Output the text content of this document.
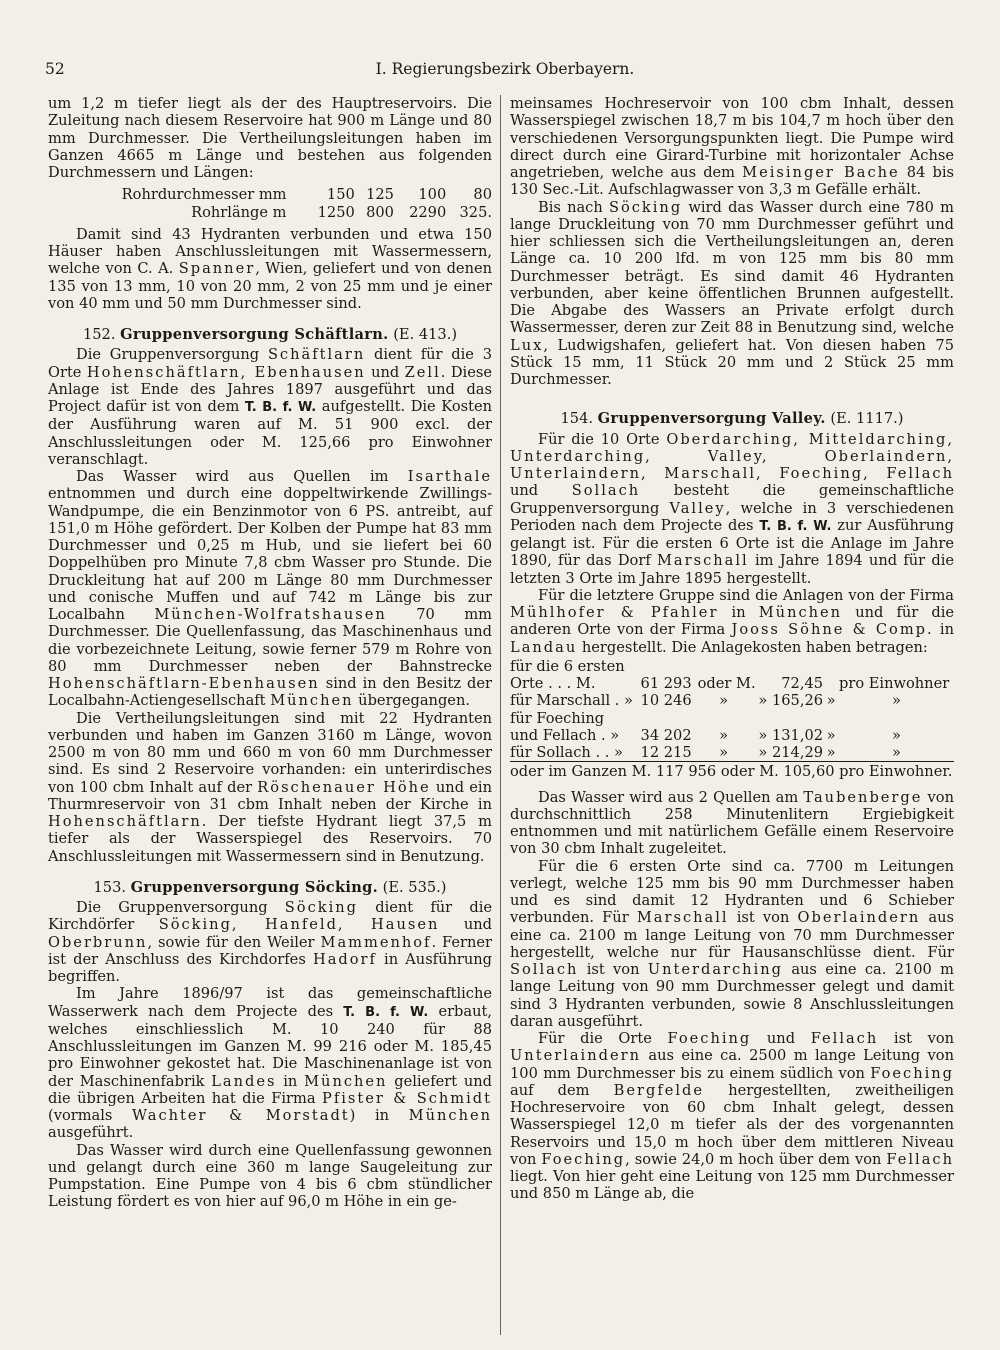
52	I. Regierungsbezirk Oberbayern.

um 1,2 m tiefer liegt als der des Hauptreservoirs. Die Zuleitung nach diesem Reservoire hat 900 m Länge und 80 mm Durchmesser. Die Vertheilungsleitungen haben im Ganzen 4665 m Länge und bestehen aus folgenden Durchmessern und Längen:

Rohrdurchmesser mm	150	125	100	80
Rohrlänge m	1250	800	2290	325.

Damit sind 43 Hydranten verbunden und etwa 150 Häuser haben Anschlussleitungen mit Wassermessern, welche von C. A. Spanner, Wien, geliefert und von denen 135 von 13 mm, 10 von 20 mm, 2 von 25 mm und je einer von 40 mm und 50 mm Durchmesser sind.

152. Gruppenversorgung Schäftlarn. (E. 413.)

Die Gruppenversorgung Schäftlarn dient für die 3 Orte Hohenschäftlarn, Ebenhausen und Zell. Diese Anlage ist Ende des Jahres 1897 ausgeführt und das Project dafür ist von dem T. B. f. W. aufgestellt. Die Kosten der Ausführung waren auf M. 51 900 excl. der Anschlussleitungen oder M. 125,66 pro Einwohner veranschlagt.

Das Wasser wird aus Quellen im Isarthale entnommen und durch eine doppeltwirkende Zwillings-Wandpumpe, die ein Benzinmotor von 6 PS. antreibt, auf 151,0 m Höhe gefördert. Der Kolben der Pumpe hat 83 mm Durchmesser und 0,25 m Hub, und sie liefert bei 60 Doppelhüben pro Minute 7,8 cbm Wasser pro Stunde. Die Druckleitung hat auf 200 m Länge 80 mm Durchmesser und conische Muffen und auf 742 m Länge bis zur Localbahn München-Wolfratshausen 70 mm Durchmesser. Die Quellenfassung, das Maschinenhaus und die vorbezeichnete Leitung, sowie ferner 579 m Rohre von 80 mm Durchmesser neben der Bahnstrecke Hohenschäftlarn-Ebenhausen sind in den Besitz der Localbahn-Actiengesellschaft München übergegangen.

Die Vertheilungsleitungen sind mit 22 Hydranten verbunden und haben im Ganzen 3160 m Länge, wovon 2500 m von 80 mm und 660 m von 60 mm Durchmesser sind. Es sind 2 Reservoire vorhanden: ein unterirdisches von 100 cbm Inhalt auf der Röschenauer Höhe und ein Thurmreservoir von 31 cbm Inhalt neben der Kirche in Hohenschäftlarn. Der tiefste Hydrant liegt 37,5 m tiefer als der Wasserspiegel des Reservoirs. 70 Anschlussleitungen mit Wassermessern sind in Benutzung.

153. Gruppenversorgung Söcking. (E. 535.)

Die Gruppenversorgung Söcking dient für die Kirchdörfer Söcking, Hanfeld, Hausen und Oberbrunn, sowie für den Weiler Mammenhof. Ferner ist der Anschluss des Kirchdorfes Hadorf in Ausführung begriffen.

Im Jahre 1896/97 ist das gemeinschaftliche Wasserwerk nach dem Projecte des T. B. f. W. erbaut, welches einschliesslich M. 10 240 für 88 Anschlussleitungen im Ganzen M. 99 216 oder M. 185,45 pro Einwohner gekostet hat. Die Maschinenanlage ist von der Maschinenfabrik Landes in München geliefert und die übrigen Arbeiten hat die Firma Pfister & Schmidt (vormals Wachter & Morstadt) in München ausgeführt.

Das Wasser wird durch eine Quellenfassung gewonnen und gelangt durch eine 360 m lange Saugeleitung zur Pumpstation. Eine Pumpe von 4 bis 6 cbm stündlicher Leistung fördert es von hier auf 96,0 m Höhe in ein ge-

meinsames Hochreservoir von 100 cbm Inhalt, dessen Wasserspiegel zwischen 18,7 m bis 104,7 m hoch über den verschiedenen Versorgungspunkten liegt. Die Pumpe wird direct durch eine Girard-Turbine mit horizontaler Achse angetrieben, welche aus dem Meisinger Bache 84 bis 130 Sec.-Lit. Aufschlagwasser von 3,3 m Gefälle erhält.

Bis nach Söcking wird das Wasser durch eine 780 m lange Druckleitung von 70 mm Durchmesser geführt und hier schliessen sich die Vertheilungsleitungen an, deren Länge ca. 10 200 lfd. m von 125 mm bis 80 mm Durchmesser beträgt. Es sind damit 46 Hydranten verbunden, aber keine öffentlichen Brunnen aufgestellt. Die Abgabe des Wassers an Private erfolgt durch Wassermesser, deren zur Zeit 88 in Benutzung sind, welche Lux, Ludwigshafen, geliefert hat. Von diesen haben 75 Stück 15 mm, 11 Stück 20 mm und 2 Stück 25 mm Durchmesser.

154. Gruppenversorgung Valley. (E. 1117.)

Für die 10 Orte Oberdarching, Mitteldarching, Unterdarching, Valley, Oberlaindern, Unterlaindern, Marschall, Foeching, Fellach und Sollach besteht die gemeinschaftliche Gruppenversorgung Valley, welche in 3 verschiedenen Perioden nach dem Projecte des T. B. f. W. zur Ausführung gelangt ist. Für die ersten 6 Orte ist die Anlage im Jahre 1890, für das Dorf Marschall im Jahre 1894 und für die letzten 3 Orte im Jahre 1895 hergestellt.

Für die letztere Gruppe sind die Anlagen von der Firma Mühlhofer & Pfahler in München und für die anderen Orte von der Firma Jooss Söhne & Comp. in Landau hergestellt. Die Anlagekosten haben betragen:

für die 6 ersten					
Orte . . . M.	61 293	oder M.	72,45		pro Einwohner
für Marschall . »	10 246	»	» 165,26	»	»
für Foeching					
und Fellach . »	34 202	»	» 131,02	»	»
für Sollach . . »	12 215	»	» 214,29	»	»

oder im Ganzen M. 117 956 oder M. 105,60 pro Einwohner.

Das Wasser wird aus 2 Quellen am Taubenberge von durchschnittlich 258 Minutenlitern Ergiebigkeit entnommen und mit natürlichem Gefälle einem Reservoire von 30 cbm Inhalt zugeleitet.

Für die 6 ersten Orte sind ca. 7700 m Leitungen verlegt, welche 125 mm bis 90 mm Durchmesser haben und es sind damit 12 Hydranten und 6 Schieber verbunden. Für Marschall ist von Oberlaindern aus eine ca. 2100 m lange Leitung von 70 mm Durchmesser hergestellt, welche nur für Hausanschlüsse dient. Für Sollach ist von Unterdarching aus eine ca. 2100 m lange Leitung von 90 mm Durchmesser gelegt und damit sind 3 Hydranten verbunden, sowie 8 Anschlussleitungen daran ausgeführt.

Für die Orte Foeching und Fellach ist von Unterlaindern aus eine ca. 2500 m lange Leitung von 100 mm Durchmesser bis zu einem südlich von Foeching auf dem Bergfelde hergestellten, zweitheiligen Hochreservoire von 60 cbm Inhalt gelegt, dessen Wasserspiegel 12,0 m tiefer als der des vorgenannten Reservoirs und 15,0 m hoch über dem mittleren Niveau von Foeching, sowie 24,0 m hoch über dem von Fellach liegt. Von hier geht eine Leitung von 125 mm Durchmesser und 850 m Länge ab, die
